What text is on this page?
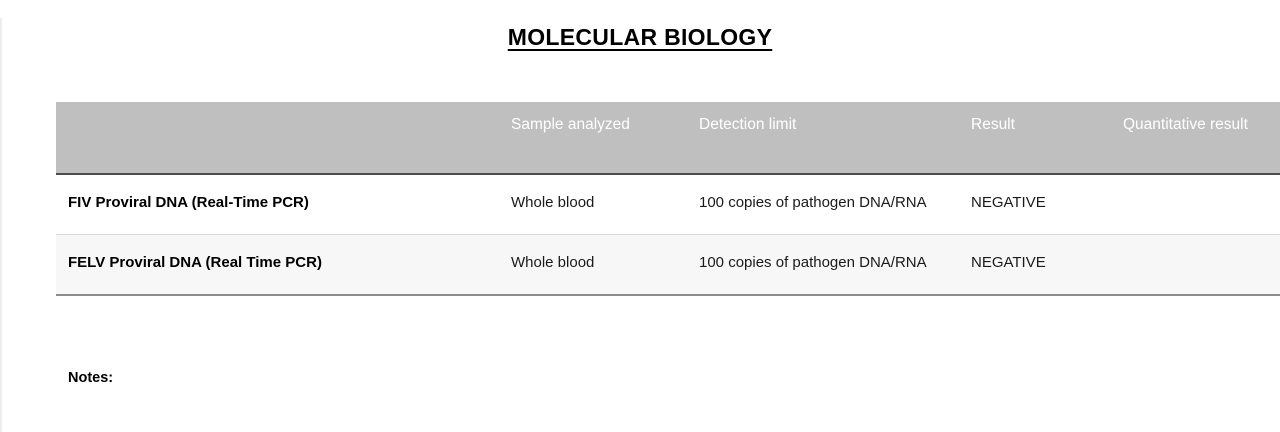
MOLECULAR BIOLOGY
	Sample analyzed	Detection limit	Result	Quantitative result
FIV Proviral DNA (Real-Time PCR)	Whole blood	100 copies of pathogen DNA/RNA	NEGATIVE	
FELV Proviral DNA (Real Time PCR)	Whole blood	100 copies of pathogen DNA/RNA	NEGATIVE	
Notes:
